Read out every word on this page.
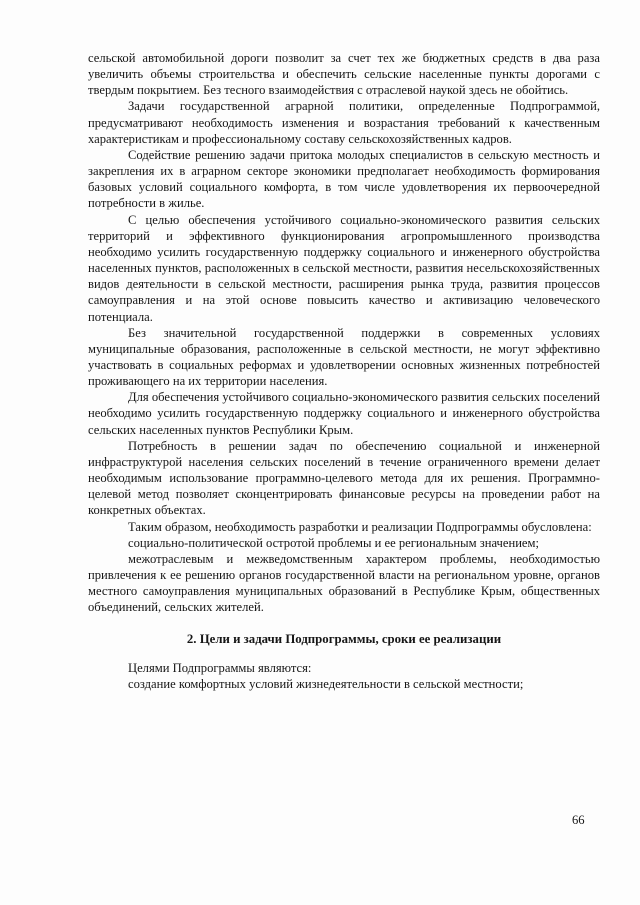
сельской автомобильной дороги позволит за счет тех же бюджетных средств в два раза увеличить объемы строительства и обеспечить сельские населенные пункты дорогами с твердым покрытием. Без тесного взаимодействия с отраслевой наукой здесь не обойтись.

Задачи государственной аграрной политики, определенные Подпрограммой, предусматривают необходимость изменения и возрастания требований к качественным характеристикам и профессиональному составу сельскохозяйственных кадров.

Содействие решению задачи притока молодых специалистов в сельскую местность и закрепления их в аграрном секторе экономики предполагает необходимость формирования базовых условий социального комфорта, в том числе удовлетворения их первоочередной потребности в жилье.

С целью обеспечения устойчивого социально-экономического развития сельских территорий и эффективного функционирования агропромышленного производства необходимо усилить государственную поддержку социального и инженерного обустройства населенных пунктов, расположенных в сельской местности, развития несельскохозяйственных видов деятельности в сельской местности, расширения рынка труда, развития процессов самоуправления и на этой основе повысить качество и активизацию человеческого потенциала.

Без значительной государственной поддержки в современных условиях муниципальные образования, расположенные в сельской местности, не могут эффективно участвовать в социальных реформах и удовлетворении основных жизненных потребностей проживающего на их территории населения.

Для обеспечения устойчивого социально-экономического развития сельских поселений необходимо усилить государственную поддержку социального и инженерного обустройства сельских населенных пунктов Республики Крым.

Потребность в решении задач по обеспечению социальной и инженерной инфраструктурой населения сельских поселений в течение ограниченного времени делает необходимым использование программно-целевого метода для их решения. Программно-целевой метод позволяет сконцентрировать финансовые ресурсы на проведении работ на конкретных объектах.

Таким образом, необходимость разработки и реализации Подпрограммы обусловлена:

социально-политической остротой проблемы и ее региональным значением;

межотраслевым и межведомственным характером проблемы, необходимостью привлечения к ее решению органов государственной власти на региональном уровне, органов местного самоуправления муниципальных образований в Республике Крым, общественных объединений, сельских жителей.

2. Цели и задачи Подпрограммы, сроки ее реализации

Целями Подпрограммы являются:

создание комфортных условий жизнедеятельности в сельской местности;

66
